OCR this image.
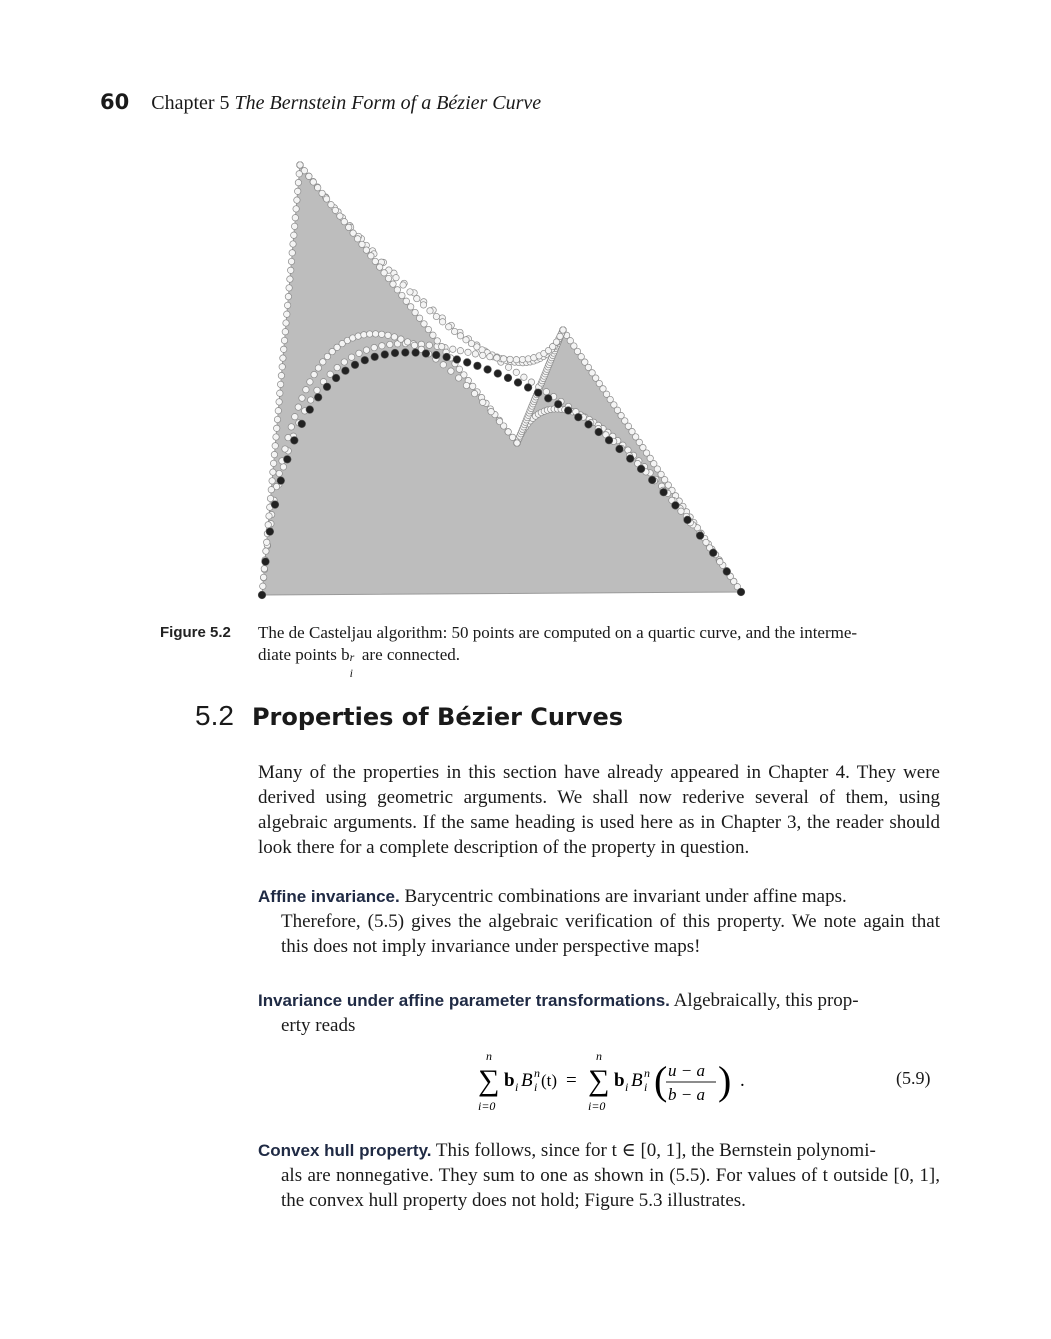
60 Chapter 5 The Bernstein Form of a Bézier Curve
Figure 5.2 The de Casteljau algorithm: 50 points are computed on a quartic curve, and the interme-
diate points b r
i
are connected.
5.2 Properties of Bézier Curves
Many of the properties in this section have already appeared in Chapter 4. They were derived using geometric arguments. We shall now rederive several of them, using algebraic arguments. If the same heading is used here as in Chapter 3, the reader should look there for a complete description of the property in question.
Affine invariance. Barycentric combinations are invariant under affine maps.
Therefore, (5.5) gives the algebraic verification of this property. We note again that this does not imply invariance under perspective maps!
Invariance under affine parameter transformations. Algebraically, this prop-
erty reads
n
∑
i=0
b i B n
i (t) =
n
∑
i=0
b i B n
i ( u − a
b − a ) .	(5.9)
Convex hull property. This follows, since for t ∈ [0, 1], the Bernstein polynomi-
als are nonnegative. They sum to one as shown in (5.5). For values of t outside [0, 1], the convex hull property does not hold; Figure 5.3 illustrates.
